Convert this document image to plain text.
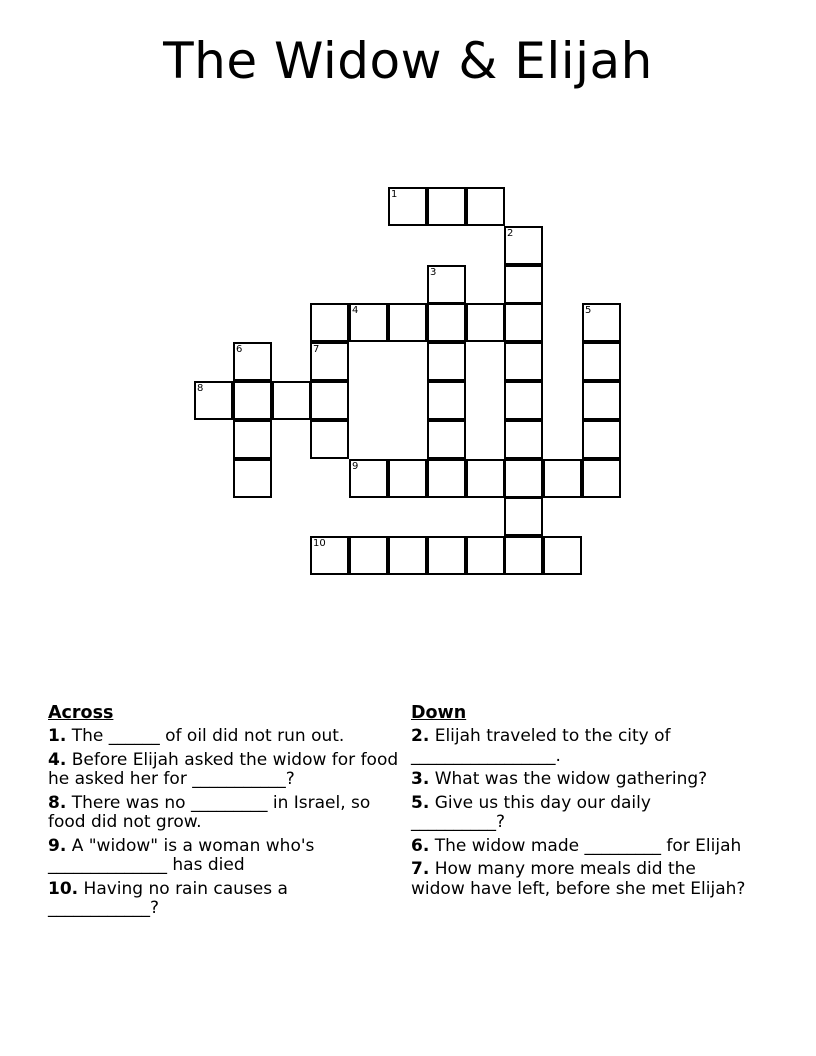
The Widow & Elijah
1
2
3
4	5
6	7
8
9
10
Across
1. The ______ of oil did not run out.
4. Before Elijah asked the widow for food he asked her for ___________?
8. There was no _________ in Israel, so food did not grow.
9. A "widow" is a woman who's ______________ has died
10. Having no rain causes a ____________?
Down
2. Elijah traveled to the city of _________________.
3. What was the widow gathering?
5. Give us this day our daily __________?
6. The widow made _________ for Elijah
7. How many more meals did the widow have left, before she met Elijah?
